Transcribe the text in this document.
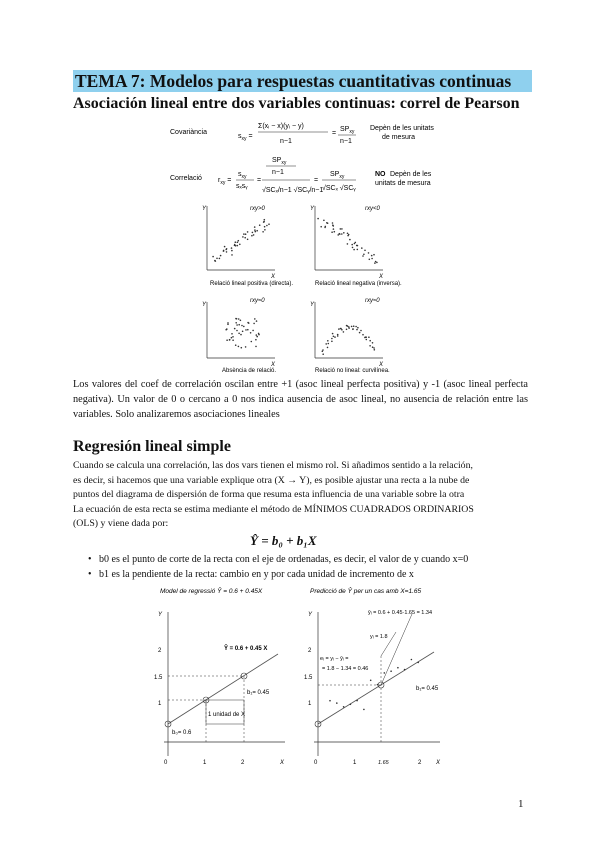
TEMA 7: Modelos para respuestas cuantitativas continuas
Asociación lineal entre dos variables continuas: correl de Pearson
Covariància
$s_{xy}$ =
Σ(xᵢ − x)(yᵢ − y)
n−1
=
$SP_{xy}$
n−1
Depèn de les unitats
de mesura
Correlació $r_{xy}$ =
$s_{xy}$
sₓsᵧ
=
$SP_{xy}$
n−1
√SCₓ/n−1 √SCᵧ/n−1
=
$SP_{xy}$
√SCₓ √SCᵧ
NO Depèn de les
unitats de mesura
Y
X
rxy>0
Relació lineal positiva (directa).
Y
X
rxy<0
Relació lineal negativa (inversa).
Y
X
rxy≈0
Absència de relació.
Y
X
rxy≈0
Relació no lineal: curvilínea.
Los valores del coef de correlación oscilan entre +1 (asoc lineal perfecta positiva) y -1 (asoc lineal perfecta negativa). Un valor de 0 o cercano a 0 nos indica ausencia de asoc lineal, no ausencia de relación entre las variables. Solo analizaremos asociaciones lineales
Regresión lineal simple
Cuando se calcula una correlación, las dos vars tienen el mismo rol. Si añadimos sentido a la relación,
es decir, si hacemos que una variable explique otra (X → Y), es posible ajustar una recta a la nube de
puntos del diagrama de dispersión de forma que resuma esta influencia de una variable sobre la otra
La ecuación de esta recta se estima mediante el método de MÍNIMOS CUADRADOS ORDINARIOS
(OLS) y viene dada por:
Ŷ = b₀ + b₁X
•   b0 es el punto de corte de la recta con el eje de ordenadas, es decir, el valor de y cuando x=0
•   b1 es la pendiente de la recta: cambio en y por cada unidad de incremento de x
Model de regressió Ŷ = 0.6 + 0.45X
Y
X
0	1	2
1
1.5
2	Ŷ = 0.6 + 0.45 X
b₁= 0.45
b₀= 0.6
1 unidad de X
Predicció de Ŷ per un cas amb X=1.65
Y
X
0	1	2
1.65
1
1.5
2
ŷᵢ = 0.6 + 0.45·1.65 = 1.34
yᵢ = 1.8
eᵢ = yᵢ − ŷᵢ =
= 1.8 − 1.34 = 0.46
b₁= 0.45
1
